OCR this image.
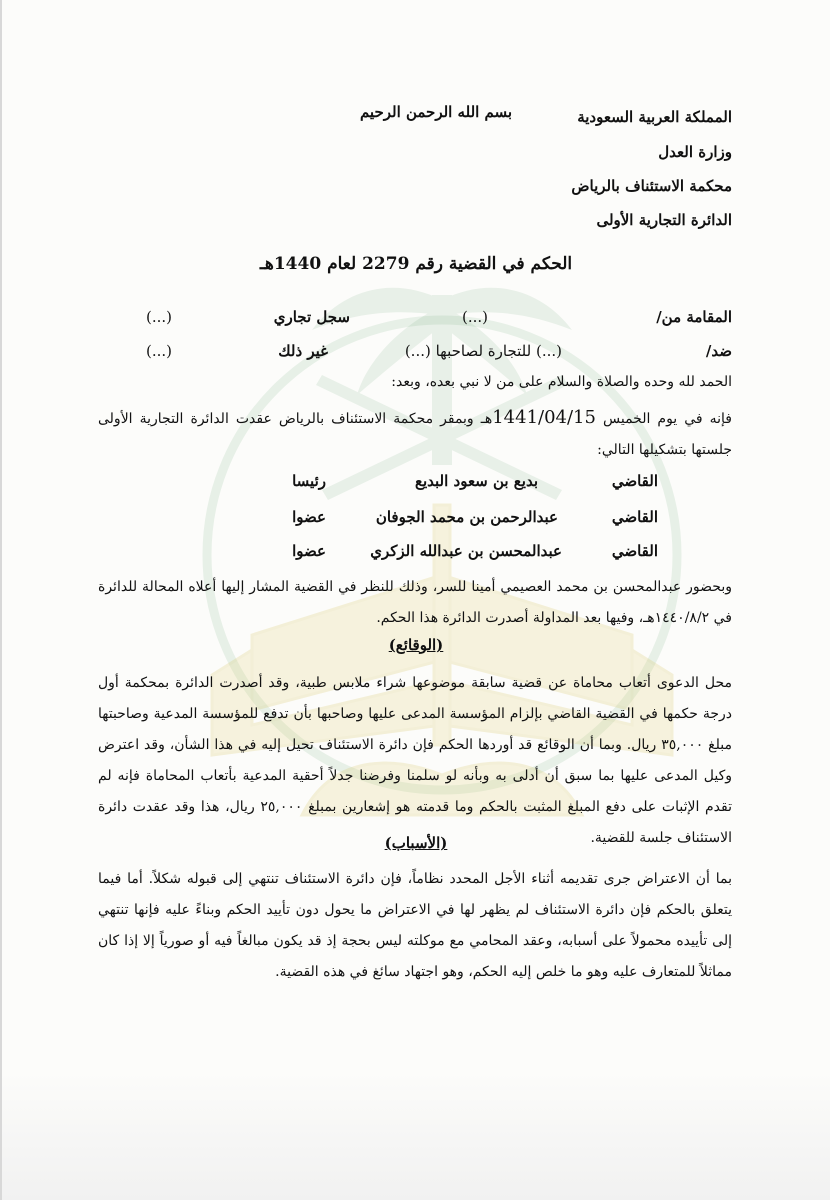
بسم الله الرحمن الرحيم	المملكة العربية السعودية
وزارة العدل
محكمة الاستئناف بالرياض
الدائرة التجارية الأولى
الحكم في القضية رقم 2279 لعام 1440هـ
المقامة من/
(...)
سجل تجاري
(...)
ضد/
(...) للتجارة لصاحبها (...)
غير ذلك
(...)
الحمد لله وحده والصلاة والسلام على من لا نبي بعده، وبعد:
فإنه في يوم الخميس 1441/04/15هـ وبمقر محكمة الاستئناف بالرياض عقدت الدائرة التجارية الأولى جلستها بتشكيلها التالي:
القاضي
بديع بن سعود البديع
رئيسا
القاضي
عبدالرحمن بن محمد الجوفان
عضوا
القاضي
عبدالمحسن بن عبدالله الزكري
عضوا
وبحضور عبدالمحسن بن محمد العصيمي أمينا للسر، وذلك للنظر في القضية المشار إليها أعلاه المحالة للدائرة في ١٤٤٠/٨/٢هـ، وفيها بعد المداولة أصدرت الدائرة هذا الحكم.
(الوقائع)
محل الدعوى أتعاب محاماة عن قضية سابقة موضوعها شراء ملابس طبية، وقد أصدرت الدائرة بمحكمة أول درجة حكمها في القضية القاضي بإلزام المؤسسة المدعى عليها وصاحبها بأن تدفع للمؤسسة المدعية وصاحبتها مبلغ ٣٥,٠٠٠ ريال. وبما أن الوقائع قد أوردها الحكم فإن دائرة الاستئناف تحيل إليه في هذا الشأن، وقد اعترض وكيل المدعى عليها بما سبق أن أدلى به وبأنه لو سلمنا وفرضنا جدلاً أحقية المدعية بأتعاب المحاماة فإنه لم تقدم الإثبات على دفع المبلغ المثبت بالحكم وما قدمته هو إشعارين بمبلغ ٢٥,٠٠٠ ريال، هذا وقد عقدت دائرة الاستئناف جلسة للقضية.
(الأسباب)
بما أن الاعتراض جرى تقديمه أثناء الأجل المحدد نظاماً، فإن دائرة الاستئناف تنتهي إلى قبوله شكلاً. أما فيما يتعلق بالحكم فإن دائرة الاستئناف لم يظهر لها في الاعتراض ما يحول دون تأييد الحكم وبناءً عليه فإنها تنتهي إلى تأييده محمولاً على أسبابه، وعقد المحامي مع موكلته ليس بحجة إذ قد يكون مبالغاً فيه أو صورياً إلا إذا كان مماثلاً للمتعارف عليه وهو ما خلص إليه الحكم، وهو اجتهاد سائغ في هذه القضية.
